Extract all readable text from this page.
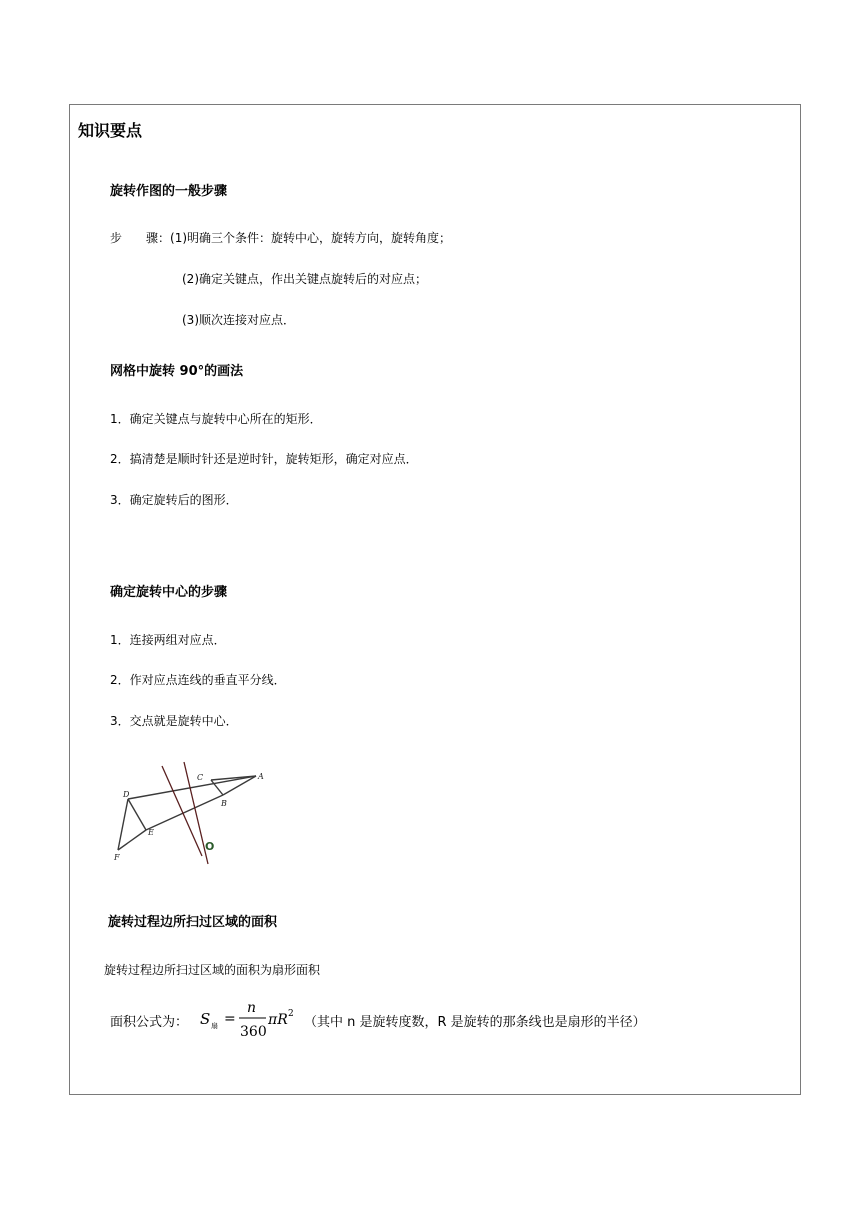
知识要点
旋转作图的一般步骤
步　　骤：(1)明确三个条件：旋转中心，旋转方向，旋转角度；
(2)确定关键点，作出关键点旋转后的对应点；
(3)顺次连接对应点．
网格中旋转 90°的画法
1．确定关键点与旋转中心所在的矩形．
2．搞清楚是顺时针还是逆时针，旋转矩形，确定对应点．
3．确定旋转后的图形．
确定旋转中心的步骤
1．连接两组对应点．
2．作对应点连线的垂直平分线．
3．交点就是旋转中心．
C	A
B
D
E
F
O
旋转过程边所扫过区域的面积
旋转过程边所扫过区域的面积为扇形面积
面积公式为： S 扇 =
n
360
πR 2
（其中 n 是旋转度数，R 是旋转的那条线也是扇形的半径）
